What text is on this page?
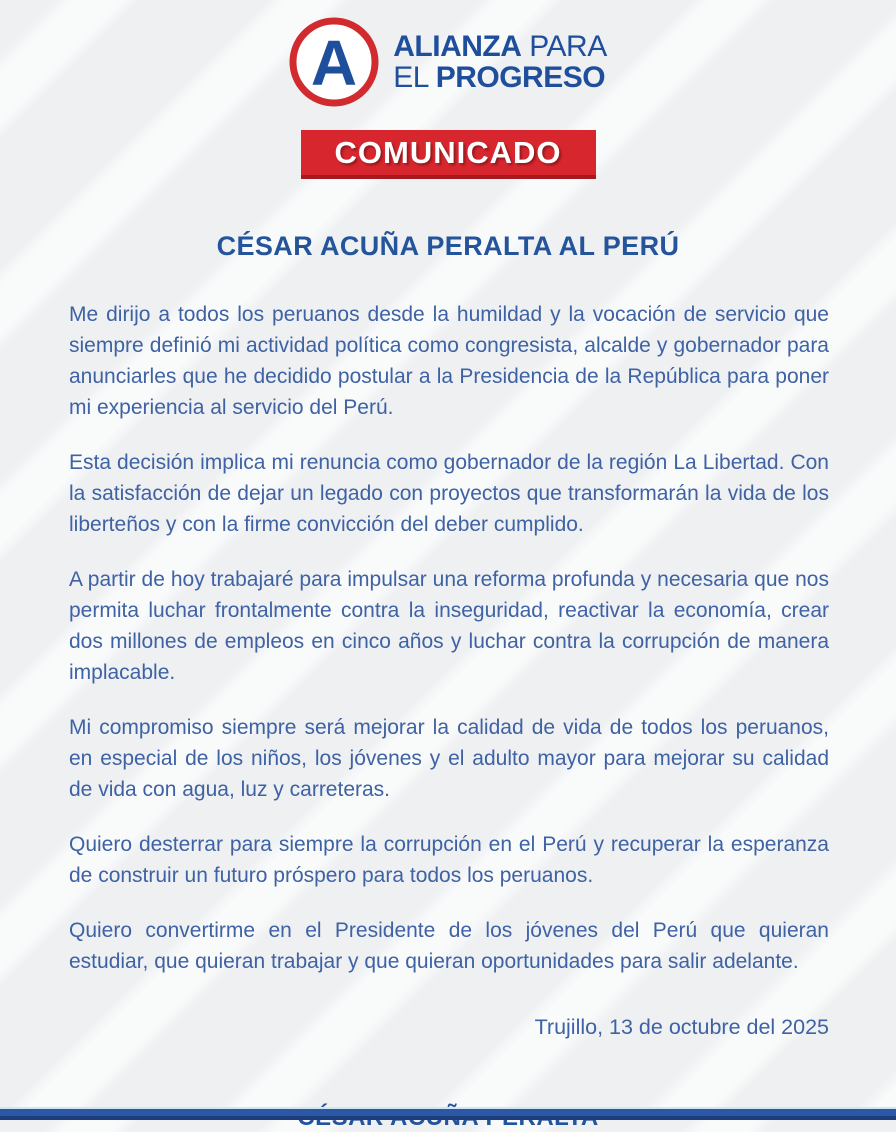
A ALIANZA PARA
EL PROGRESO
COMUNICADO
CÉSAR ACUÑA PERALTA AL PERÚ

Me dirijo a todos los peruanos desde la humildad y la vocación de servicio que siempre definió mi actividad política como congresista, alcalde y gobernador para anunciarles que he decidido postular a la Presidencia de la República para poner mi experiencia al servicio del Perú.

Esta decisión implica mi renuncia como gobernador de la región La Libertad. Con la satisfacción de dejar un legado con proyectos que transformarán la vida de los liberteños y con la firme convicción del deber cumplido.

A partir de hoy trabajaré para impulsar una reforma profunda y necesaria que nos permita luchar frontalmente contra la inseguridad, reactivar la economía, crear dos millones de empleos en cinco años y luchar contra la corrupción de manera implacable.

Mi compromiso siempre será mejorar la calidad de vida de todos los peruanos, en especial de los niños, los jóvenes y el adulto mayor para mejorar su calidad de vida con agua, luz y carreteras.

Quiero desterrar para siempre la corrupción en el Perú y recuperar la esperanza de construir un futuro próspero para todos los peruanos.

Quiero convertirme en el Presidente de los jóvenes del Perú que quieran estudiar, que quieran trabajar y que quieran oportunidades para salir adelante.

Trujillo, 13 de octubre del 2025
